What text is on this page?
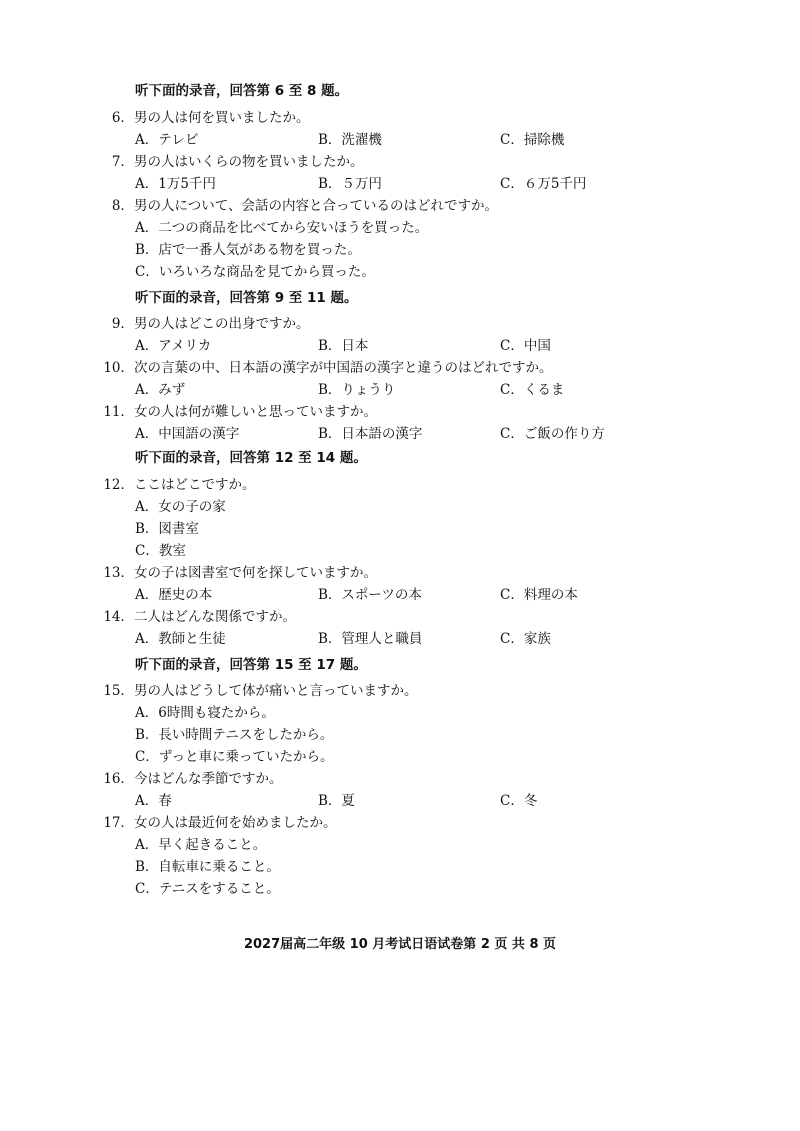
听下面的录音，回答第 6 至 8 题。
6．男の人は何を買いましたか。
A．テレビ	B．洗濯機	C．掃除機
7．男の人はいくらの物を買いましたか。
A．1万5千円	B．５万円	C．６万5千円
8．男の人について、会話の内容と合っているのはどれですか。
A．二つの商品を比べてから安いほうを買った。
B．店で一番人気がある物を買った。
C．いろいろな商品を見てから買った。
听下面的录音，回答第 9 至 11 题。
9．男の人はどこの出身ですか。
A．アメリカ	B．日本	C．中国
10．次の言葉の中、日本語の漢字が中国語の漢字と違うのはどれですか。
A．みず	B．りょうり	C．くるま
11．女の人は何が難しいと思っていますか。
A．中国語の漢字	B．日本語の漢字	C．ご飯の作り方
听下面的录音，回答第 12 至 14 题。
12．ここはどこですか。
A．女の子の家
B．図書室
C．教室
13．女の子は図書室で何を探していますか。
A．歴史の本	B．スポーツの本	C．料理の本
14．二人はどんな関係ですか。
A．教師と生徒	B．管理人と職員	C．家族
听下面的录音，回答第 15 至 17 题。
15．男の人はどうして体が痛いと言っていますか。
A．6時間も寝たから。
B．長い時間テニスをしたから。
C．ずっと車に乗っていたから。
16．今はどんな季節ですか。
A．春	B．夏	C．冬
17．女の人は最近何を始めましたか。
A．早く起きること。
B．自転車に乗ること。
C．テニスをすること。
2027届高二年级 10 月考试日语试卷第 2 页 共 8 页
